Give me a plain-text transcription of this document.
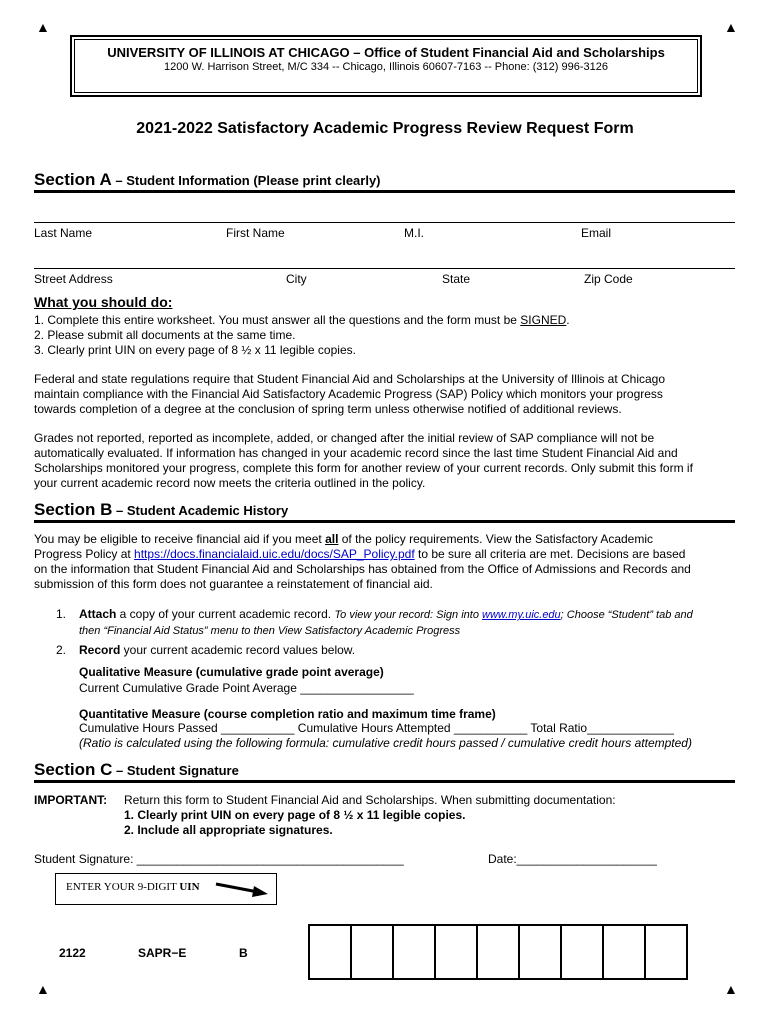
▲	▲
▲	▲
UNIVERSITY OF ILLINOIS AT CHICAGO – Office of Student Financial Aid and Scholarships
1200 W. Harrison Street, M/C 334 -- Chicago, Illinois 60607-7163 -- Phone: (312) 996-3126
2021-2022 Satisfactory Academic Progress Review Request Form
Section A – Student Information (Please print clearly)
Last Name	First Name	M.I.	Email
Street Address	City	State	Zip Code
What you should do:

1. Complete this entire worksheet. You must answer all the questions and the form must be SIGNED.

2. Please submit all documents at the same time.

3. Clearly print UIN on every page of 8 ½ x 11 legible copies.

Federal and state regulations require that Student Financial Aid and Scholarships at the University of Illinois at Chicago

maintain compliance with the Financial Aid Satisfactory Academic Progress (SAP) Policy which monitors your progress

towards completion of a degree at the conclusion of spring term unless otherwise notified of additional reviews.

Grades not reported, reported as incomplete, added, or changed after the initial review of SAP compliance will not be

automatically evaluated. If information has changed in your academic record since the last time Student Financial Aid and

Scholarships monitored your progress, complete this form for another review of your current records. Only submit this form if

your current academic record now meets the criteria outlined in the policy.

Section B – Student Academic History

You may be eligible to receive financial aid if you meet all of the policy requirements. View the Satisfactory Academic

Progress Policy at https://docs.financialaid.uic.edu/docs/SAP_Policy.pdf to be sure all criteria are met. Decisions are based

on the information that Student Financial Aid and Scholarships has obtained from the Office of Admissions and Records and

submission of this form does not guarantee a reinstatement of financial aid.

1. Attach a copy of your current academic record. To view your record: Sign into www.my.uic.edu; Choose “Student” tab and
then “Financial Aid Status” menu to then View Satisfactory Academic Progress
2. Record your current academic record values below.
Qualitative Measure (cumulative grade point average)
Current Cumulative Grade Point Average _________________
Quantitative Measure (course completion ratio and maximum time frame)
Cumulative Hours Passed ___________ Cumulative Hours Attempted ___________ Total Ratio_____________
(Ratio is calculated using the following formula: cumulative credit hours passed / cumulative credit hours attempted)
Section C – Student Signature
IMPORTANT: Return this form to Student Financial Aid and Scholarships. When submitting documentation:
1. Clearly print UIN on every page of 8 ½ x 11 legible copies.
2. Include all appropriate signatures.
Student Signature: ________________________________________	Date:_____________________
ENTER YOUR 9-DIGIT UIN
2122	SAPR−E	B
